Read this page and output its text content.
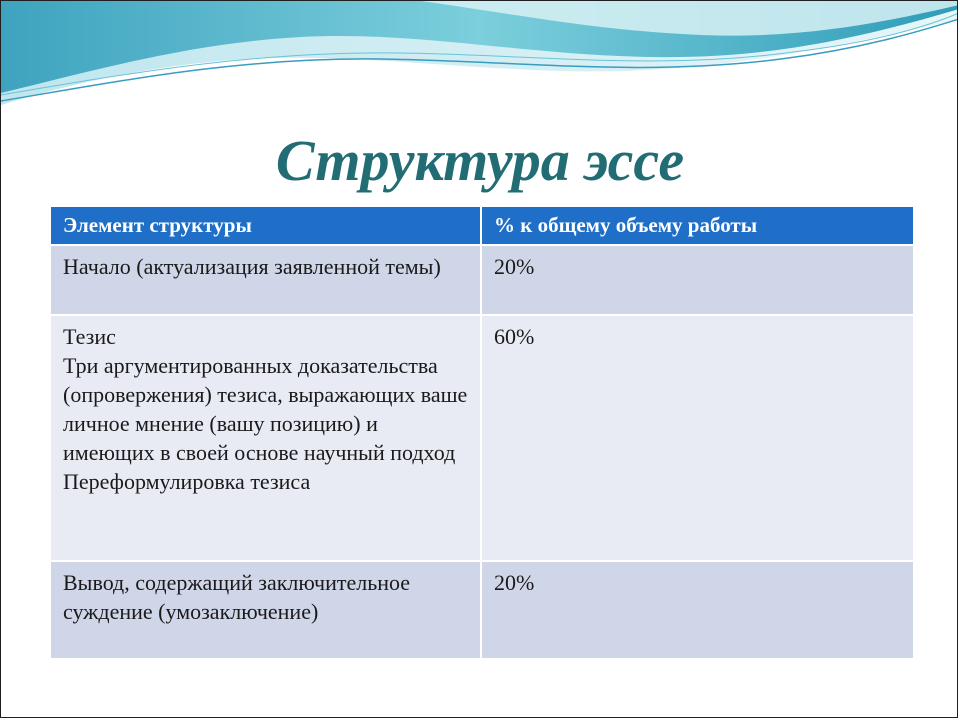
Структура эссе
Элемент структуры	% к общему объему работы
Начало (актуализация заявленной темы)	20%

Тезис
Три аргументированных доказательства (опровержения) тезиса, выражающих ваше личное мнение (вашу позицию) и имеющих в своей основе научный подход
Переформулировка тезиса	60%
Вывод, содержащий заключительное суждение (умозаключение)	20%
